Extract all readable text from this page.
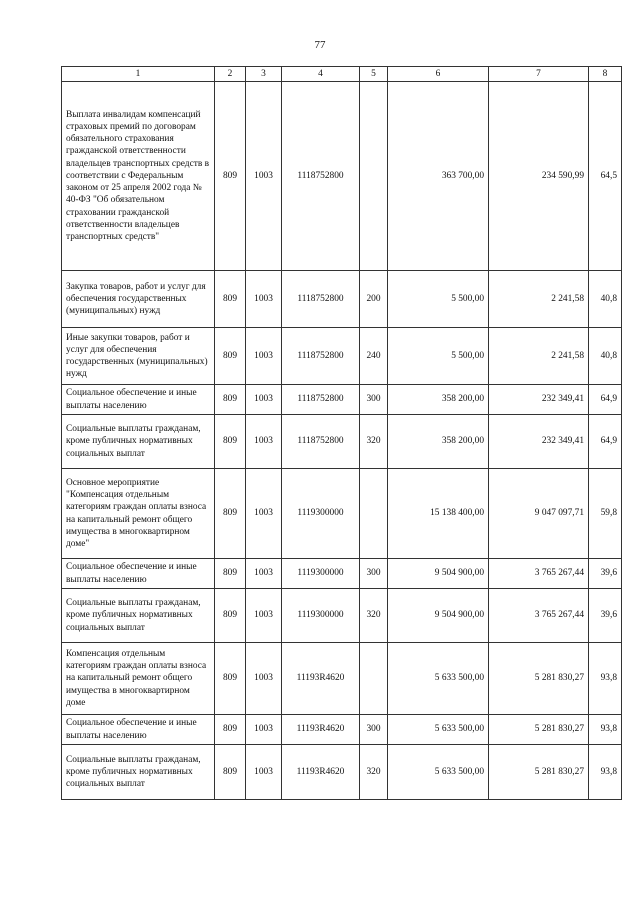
77
1	2	3	4	5	6	7	8
Выплата инвалидам компенсаций страховых премий по договорам обязательного страхования гражданской ответственности владельцев транспортных средств в соответствии с Федеральным законом от 25 апреля 2002 года № 40-ФЗ "Об обязательном страховании гражданской ответственности владельцев транспортных средств"	809	1003	1118752800		363 700,00	234 590,99	64,5
Закупка товаров, работ и услуг для обеспечения государственных (муниципальных) нужд	809	1003	1118752800	200	5 500,00	2 241,58	40,8
Иные закупки товаров, работ и услуг для обеспечения государственных (муниципальных) нужд	809	1003	1118752800	240	5 500,00	2 241,58	40,8
Социальное обеспечение и иные выплаты населению	809	1003	1118752800	300	358 200,00	232 349,41	64,9
Социальные выплаты гражданам, кроме публичных нормативных социальных выплат	809	1003	1118752800	320	358 200,00	232 349,41	64,9
Основное мероприятие "Компенсация отдельным категориям граждан оплаты взноса на капитальный ремонт общего имущества в многоквартирном доме"	809	1003	1119300000		15 138 400,00	9 047 097,71	59,8
Социальное обеспечение и иные выплаты населению	809	1003	1119300000	300	9 504 900,00	3 765 267,44	39,6
Социальные выплаты гражданам, кроме публичных нормативных социальных выплат	809	1003	1119300000	320	9 504 900,00	3 765 267,44	39,6
Компенсация отдельным категориям граждан оплаты взноса на капитальный ремонт общего имущества в многоквартирном доме	809	1003	11193R4620		5 633 500,00	5 281 830,27	93,8
Социальное обеспечение и иные выплаты населению	809	1003	11193R4620	300	5 633 500,00	5 281 830,27	93,8
Социальные выплаты гражданам, кроме публичных нормативных социальных выплат	809	1003	11193R4620	320	5 633 500,00	5 281 830,27	93,8
